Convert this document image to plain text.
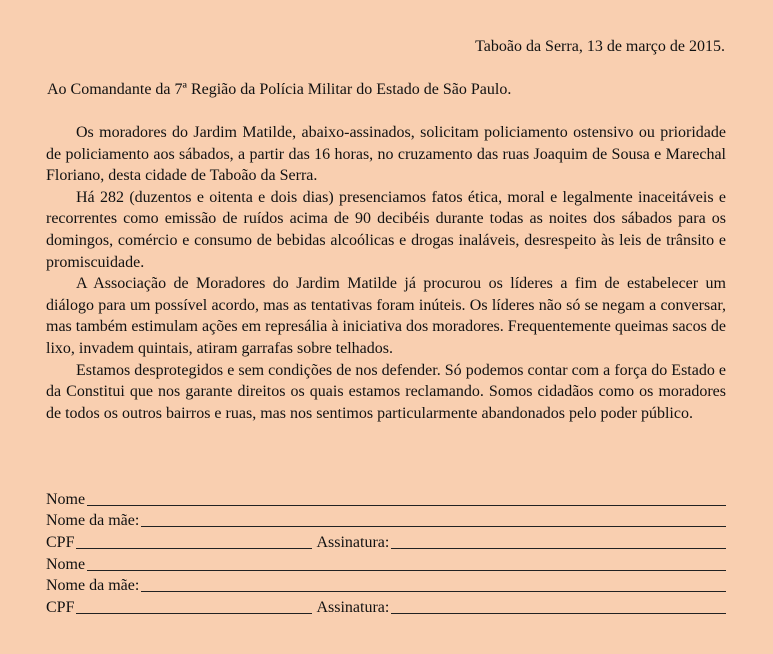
Taboão da Serra, 13 de março de 2015.
Ao Comandante da 7ª Região da Polícia Militar do Estado de São Paulo.

Os moradores do Jardim Matilde, abaixo-assinados, solicitam policiamento ostensivo ou prioridade de policiamento aos sábados, a partir das 16 horas, no cruzamento das ruas Joaquim de Sousa e Marechal Floriano, desta cidade de Taboão da Serra.

Há 282 (duzentos e oitenta e dois dias) presenciamos fatos ética, moral e legalmente inaceitáveis e recorrentes como emissão de ruídos acima de 90 decibéis durante todas as noites dos sábados para os domingos, comércio e consumo de bebidas alcoólicas e drogas inaláveis, desrespeito às leis de trânsito e promiscuidade.

A Associação de Moradores do Jardim Matilde já procurou os líderes a fim de estabelecer um diálogo para um possível acordo, mas as tentativas foram inúteis. Os líderes não só se negam a conversar, mas também estimulam ações em represália à iniciativa dos moradores. Frequentemente queimas sacos de lixo, invadem quintais, atiram garrafas sobre telhados.

Estamos desprotegidos e sem condições de nos defender. Só podemos contar com a força do Estado e da Constitui que nos garante direitos os quais estamos reclamando. Somos cidadãos como os moradores de todos os outros bairros e ruas, mas nos sentimos particularmente abandonados pelo poder público.

Nome
Nome da mãe:
CPF	Assinatura:
Nome
Nome da mãe:
CPF	Assinatura:
